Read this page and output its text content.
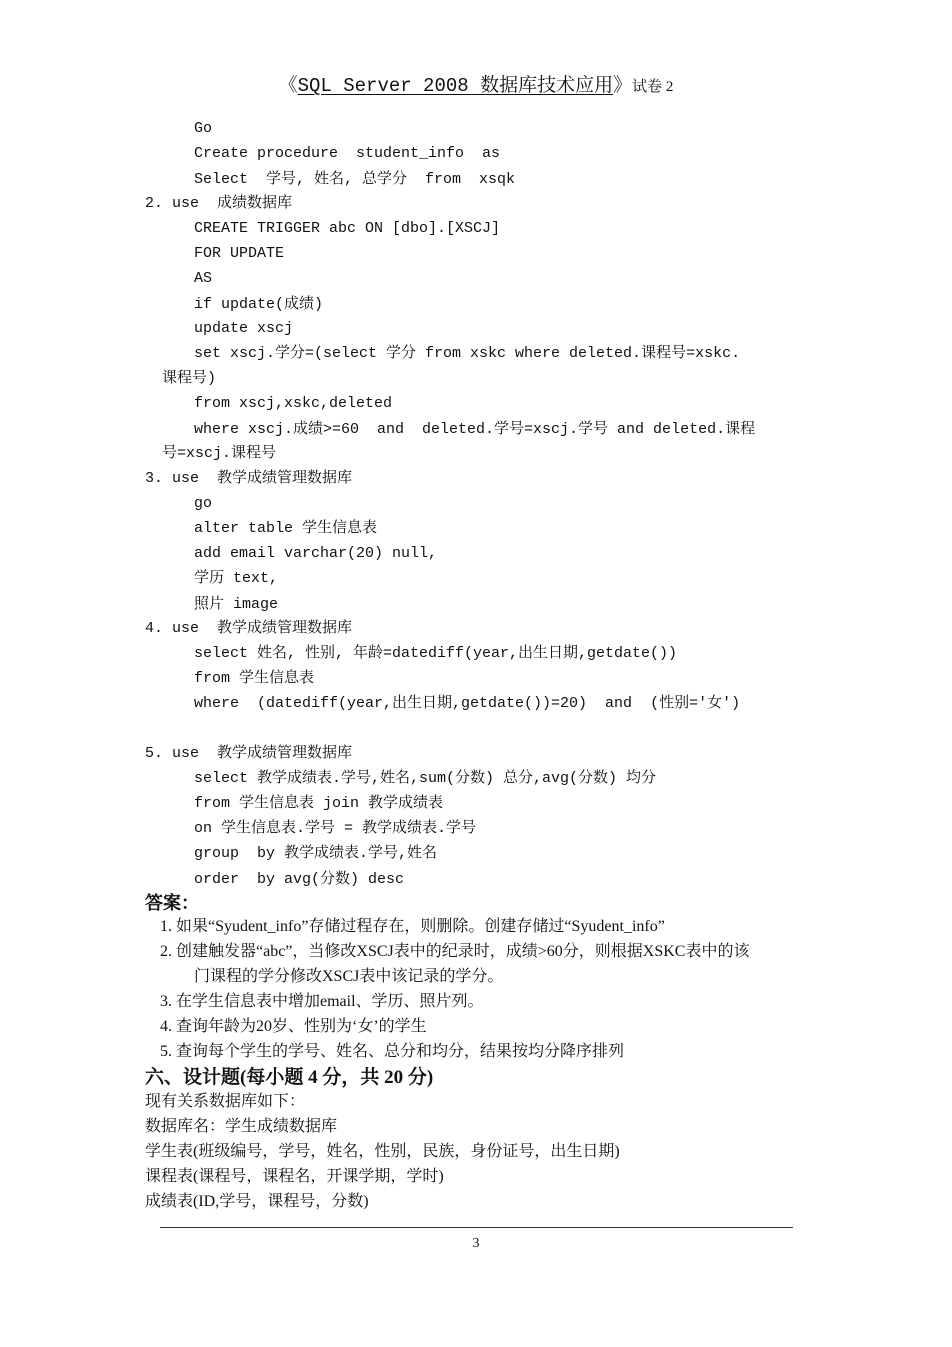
《SQL Server 2008 数据库技术应用》试卷 2
Go
Create procedure  student_info  as
Select  学号, 姓名, 总学分  from  xsqk
2. use  成绩数据库
CREATE TRIGGER abc ON [dbo].[XSCJ]
FOR UPDATE
AS
if update(成绩)
update xscj
set xscj.学分=(select 学分 from xskc where deleted.课程号=xskc.
课程号)
from xscj,xskc,deleted
where xscj.成绩>=60  and  deleted.学号=xscj.学号 and deleted.课程
号=xscj.课程号
3. use  教学成绩管理数据库
go
alter table 学生信息表
add email varchar(20) null,
学历 text,
照片 image
4. use  教学成绩管理数据库
select 姓名, 性别, 年龄=datediff(year,出生日期,getdate())
from 学生信息表
where  (datediff(year,出生日期,getdate())=20)  and  (性别='女')
5. use  教学成绩管理数据库
select 教学成绩表.学号,姓名,sum(分数) 总分,avg(分数) 均分
from 学生信息表 join 教学成绩表
on 学生信息表.学号 = 教学成绩表.学号
group  by 教学成绩表.学号,姓名
order  by avg(分数) desc
答案：
1. 如果“Syudent_info”存储过程存在，则删除。创建存储过“Syudent_info”
2. 创建触发器“abc”，当修改XSCJ表中的纪录时，成绩>60分，则根据XSKC表中的该
门课程的学分修改XSCJ表中该记录的学分。
3. 在学生信息表中增加email、学历、照片列。
4. 查询年龄为20岁、性别为‘女’的学生
5. 查询每个学生的学号、姓名、总分和均分，结果按均分降序排列
六、设计题(每小题 4 分，共 20 分)
现有关系数据库如下：
数据库名：学生成绩数据库
学生表(班级编号，学号，姓名，性别，民族，身份证号，出生日期)
课程表(课程号，课程名，开课学期，学时)
成绩表(ID,学号，课程号，分数)
3
